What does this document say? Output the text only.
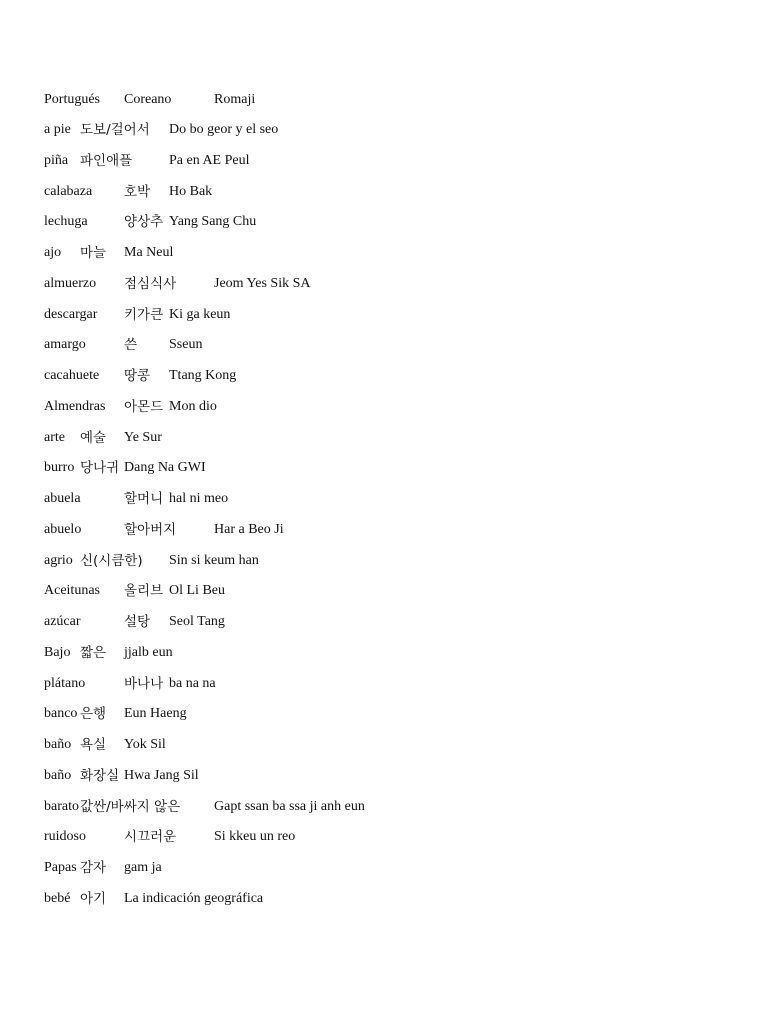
Portugués Coreano	Romaji
a pie 도보/걸어서 Do bo geor y el seo
piña 파인애플	Pa en AE Peul
calabaza 호박 Ho Bak
lechuga	양상추 Yang Sang Chu
ajo 마늘 Ma Neul
almuerzo 점심식사	Jeom Yes Sik SA
descargar 키가큰 Ki ga keun
amargo	쓴 Sseun
cacahuete 땅콩 Ttang Kong
Almendras 아몬드 Mon dio
arte 예술 Ye Sur
burro 당나귀 Dang Na GWI
abuela	할머니 hal ni meo
abuelo	할아버지	Har a Beo Ji
agrio 신(시큼한) Sin si keum han
Aceitunas 올리브 Ol Li Beu
azúcar	설탕 Seol Tang
Bajo 짧은 jjalb eun
plátano	바나나 ba na na
banco 은행 Eun Haeng
baño 욕실 Yok Sil
baño 화장실 Hwa Jang Sil
barato 값싼/바싸지 않은 Gapt ssan ba ssa ji anh eun
ruidoso	시끄러운	Si kkeu un reo
Papas 감자 gam ja
bebé 아기 La indicación geográfica
